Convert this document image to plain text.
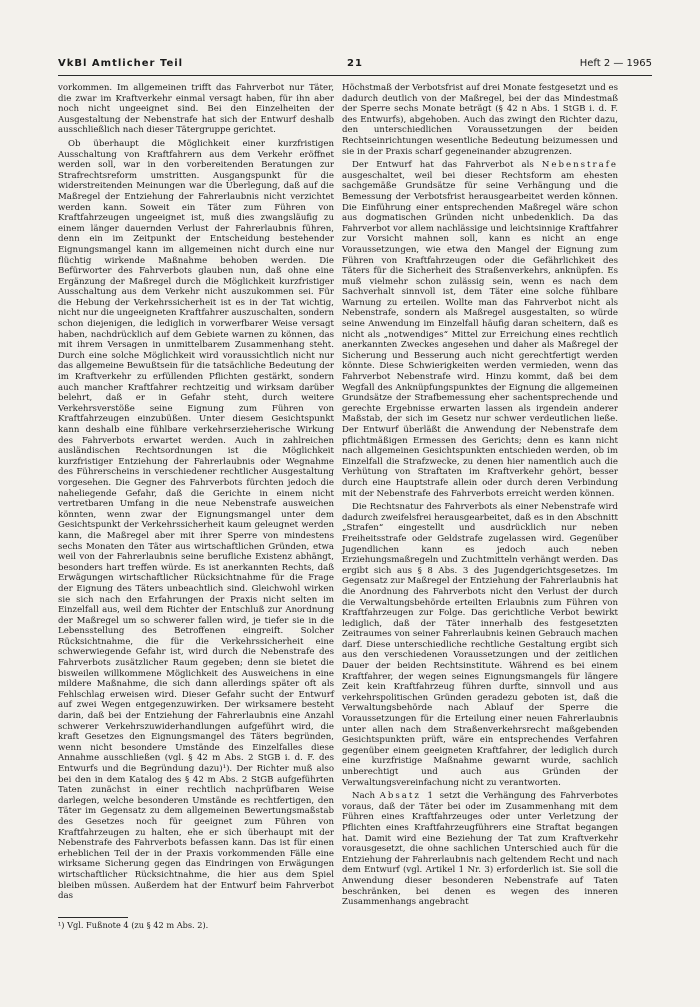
VkBl Amtlicher Teil	21	Heft 2 — 1965

vorkommen. Im allgemeinen trifft das Fahrverbot nur Täter, die zwar im Kraftverkehr einmal versagt haben, für ihn aber noch nicht ungeeignet sind. Bei den Einzelheiten der Ausgestaltung der Nebenstrafe hat sich der Entwurf deshalb ausschließlich nach dieser Tätergruppe gerichtet.

Ob überhaupt die Möglichkeit einer kurzfristigen Ausschaltung von Kraftfahrern aus dem Verkehr eröffnet werden soll, war in den vorbereitenden Beratungen zur Strafrechtsreform umstritten. Ausgangspunkt für die widerstreitenden Meinungen war die Überlegung, daß auf die Maßregel der Entziehung der Fahrerlaubnis nicht verzichtet werden kann. Soweit ein Täter zum Führen von Kraftfahrzeugen ungeeignet ist, muß dies zwangsläufig zu einem länger dauernden Verlust der Fahrerlaubnis führen, denn ein im Zeitpunkt der Entscheidung bestehender Eignungsmangel kann im allgemeinen nicht durch eine nur flüchtig wirkende Maßnahme behoben werden. Die Befürworter des Fahrverbots glauben nun, daß ohne eine Ergänzung der Maßregel durch die Möglichkeit kurzfristiger Ausschaltung aus dem Verkehr nicht auszukommen sei. Für die Hebung der Verkehrssicherheit ist es in der Tat wichtig, nicht nur die ungeeigneten Kraftfahrer auszuschalten, sondern schon diejenigen, die lediglich in vorwerfbarer Weise versagt haben, nachdrücklich auf dem Gebiete warnen zu können, das mit ihrem Versagen in unmittelbarem Zusammenhang steht. Durch eine solche Möglichkeit wird voraussichtlich nicht nur das allgemeine Bewußtsein für die tatsächliche Bedeutung der im Kraftverkehr zu erfüllenden Pflichten gestärkt, sondern auch mancher Kraftfahrer rechtzeitig und wirksam darüber belehrt, daß er in Gefahr steht, durch weitere Verkehrsverstöße seine Eignung zum Führen von Kraftfahrzeugen einzubüßen. Unter diesem Gesichtspunkt kann deshalb eine fühlbare verkehrserzieherische Wirkung des Fahrverbots erwartet werden. Auch in zahlreichen ausländischen Rechtsordnungen ist die Möglichkeit kurzfristiger Entziehung der Fahrerlaubnis oder Wegnahme des Führerscheins in verschiedener rechtlicher Ausgestaltung vorgesehen. Die Gegner des Fahrverbots fürchten jedoch die naheliegende Gefahr, daß die Gerichte in einem nicht vertretbaren Umfang in die neue Nebenstrafe ausweichen könnten, wenn zwar der Eignungsmangel unter dem Gesichtspunkt der Verkehrssicherheit kaum geleugnet werden kann, die Maßregel aber mit ihrer Sperre von mindestens sechs Monaten den Täter aus wirtschaftlichen Gründen, etwa weil von der Fahrerlaubnis seine berufliche Existenz abhängt, besonders hart treffen würde. Es ist anerkannten Rechts, daß Erwägungen wirtschaftlicher Rücksichtnahme für die Frage der Eignung des Täters unbeachtlich sind. Gleichwohl wirken sie sich nach den Erfahrungen der Praxis nicht selten im Einzelfall aus, weil dem Richter der Entschluß zur Anordnung der Maßregel um so schwerer fallen wird, je tiefer sie in die Lebensstellung des Betroffenen eingreift. Solcher Rücksichtnahme, die für die Verkehrssicherheit eine schwerwiegende Gefahr ist, wird durch die Nebenstrafe des Fahrverbots zusätzlicher Raum gegeben; denn sie bietet die bisweilen willkommene Möglichkeit des Ausweichens in eine mildere Maßnahme, die sich dann allerdings später oft als Fehlschlag erweisen wird. Dieser Gefahr sucht der Entwurf auf zwei Wegen entgegenzuwirken. Der wirksamere besteht darin, daß bei der Entziehung der Fahrerlaubnis eine Anzahl schwerer Verkehrszuwiderhandlungen aufgeführt wird, die kraft Gesetzes den Eignungsmangel des Täters begründen, wenn nicht besondere Umstände des Einzelfalles diese Annahme ausschließen (vgl. § 42 m Abs. 2 StGB i. d. F. des Entwurfs und die Begründung dazu)¹). Der Richter muß also bei den in dem Katalog des § 42 m Abs. 2 StGB aufgeführten Taten zunächst in einer rechtlich nachprüfbaren Weise darlegen, welche besonderen Umstände es rechtfertigen, den Täter im Gegensatz zu dem allgemeinen Bewertungsmaßstab des Gesetzes noch für geeignet zum Führen von Kraftfahrzeugen zu halten, ehe er sich überhaupt mit der Nebenstrafe des Fahrverbots befassen kann. Das ist für einen erheblichen Teil der in der Praxis vorkommenden Fälle eine wirksame Sicherung gegen das Eindringen von Erwägungen wirtschaftlicher Rücksichtnahme, die hier aus dem Spiel bleiben müssen. Außerdem hat der Entwurf beim Fahrverbot das

¹) Vgl. Fußnote 4 (zu § 42 m Abs. 2).

Höchstmaß der Verbotsfrist auf drei Monate festgesetzt und es dadurch deutlich von der Maßregel, bei der das Mindestmaß der Sperre sechs Monate beträgt (§ 42 n Abs. 1 StGB i. d. F. des Entwurfs), abgehoben. Auch das zwingt den Richter dazu, den unterschiedlichen Voraussetzungen der beiden Rechtseinrichtungen wesentliche Bedeutung beizumessen und sie in der Praxis scharf gegeneinander abzugrenzen.

Der Entwurf hat das Fahrverbot als Nebenstrafe ausgeschaltet, weil bei dieser Rechtsform am ehesten sachgemäße Grundsätze für seine Verhängung und die Bemessung der Verbotsfrist herausgearbeitet werden können. Die Einführung einer entsprechenden Maßregel wäre schon aus dogmatischen Gründen nicht unbedenklich. Da das Fahrverbot vor allem nachlässige und leichtsinnige Kraftfahrer zur Vorsicht mahnen soll, kann es nicht an enge Voraussetzungen, wie etwa den Mangel der Eignung zum Führen von Kraftfahrzeugen oder die Gefährlichkeit des Täters für die Sicherheit des Straßenverkehrs, anknüpfen. Es muß vielmehr schon zulässig sein, wenn es nach dem Sachverhalt sinnvoll ist, dem Täter eine solche fühlbare Warnung zu erteilen. Wollte man das Fahrverbot nicht als Nebenstrafe, sondern als Maßregel ausgestalten, so würde seine Anwendung im Einzelfall häufig daran scheitern, daß es nicht als „notwendiges“ Mittel zur Erreichung eines rechtlich anerkannten Zweckes angesehen und daher als Maßregel der Sicherung und Besserung auch nicht gerechtfertigt werden könnte. Diese Schwierigkeiten werden vermieden, wenn das Fahrverbot Nebenstrafe wird. Hinzu kommt, daß bei dem Wegfall des Anknüpfungspunktes der Eignung die allgemeinen Grundsätze der Strafbemessung eher sachentsprechende und gerechte Ergebnisse erwarten lassen als irgendein anderer Maßstab, der sich im Gesetz nur schwer verdeutlichen ließe. Der Entwurf überläßt die Anwendung der Nebenstrafe dem pflichtmäßigen Ermessen des Gerichts; denn es kann nicht nach allgemeinen Gesichtspunkten entschieden werden, ob im Einzelfall die Strafzwecke, zu denen hier namentlich auch die Verhütung von Straftaten im Kraftverkehr gehört, besser durch eine Hauptstrafe allein oder durch deren Verbindung mit der Nebenstrafe des Fahrverbots erreicht werden können.

Die Rechtsnatur des Fahrverbots als einer Nebenstrafe wird dadurch zweifelsfrei herausgearbeitet, daß es in den Abschnitt „Strafen“ eingestellt und ausdrücklich nur neben Freiheitsstrafe oder Geldstrafe zugelassen wird. Gegenüber Jugendlichen kann es jedoch auch neben Erziehungsmaßregeln und Zuchtmitteln verhängt werden. Das ergibt sich aus § 8 Abs. 3 des Jugendgerichtsgesetzes. Im Gegensatz zur Maßregel der Entziehung der Fahrerlaubnis hat die Anordnung des Fahrverbots nicht den Verlust der durch die Verwaltungsbehörde erteilten Erlaubnis zum Führen von Kraftfahrzeugen zur Folge. Das gerichtliche Verbot bewirkt lediglich, daß der Täter innerhalb des festgesetzten Zeitraumes von seiner Fahrerlaubnis keinen Gebrauch machen darf. Diese unterschiedliche rechtliche Gestaltung ergibt sich aus den verschiedenen Voraussetzungen und der zeitlichen Dauer der beiden Rechtsinstitute. Während es bei einem Kraftfahrer, der wegen seines Eignungsmangels für längere Zeit kein Kraftfahrzeug führen durfte, sinnvoll und aus verkehrspolitischen Gründen geradezu geboten ist, daß die Verwaltungsbehörde nach Ablauf der Sperre die Voraussetzungen für die Erteilung einer neuen Fahrerlaubnis unter allen nach dem Straßenverkehrsrecht maßgebenden Gesichtspunkten prüft, wäre ein entsprechendes Verfahren gegenüber einem geeigneten Kraftfahrer, der lediglich durch eine kurzfristige Maßnahme gewarnt wurde, sachlich unberechtigt und auch aus Gründen der Verwaltungsvereinfachung nicht zu verantworten.

Nach Absatz 1 setzt die Verhängung des Fahrverbotes voraus, daß der Täter bei oder im Zusammenhang mit dem Führen eines Kraftfahrzeuges oder unter Verletzung der Pflichten eines Kraftfahrzeugführers eine Straftat begangen hat. Damit wird eine Beziehung der Tat zum Kraftverkehr vorausgesetzt, die ohne sachlichen Unterschied auch für die Entziehung der Fahrerlaubnis nach geltendem Recht und nach dem Entwurf (vgl. Artikel 1 Nr. 3) erforderlich ist. Sie soll die Anwendung dieser besonderen Nebenstrafe auf Taten beschränken, bei denen es wegen des inneren Zusammenhangs angebracht
